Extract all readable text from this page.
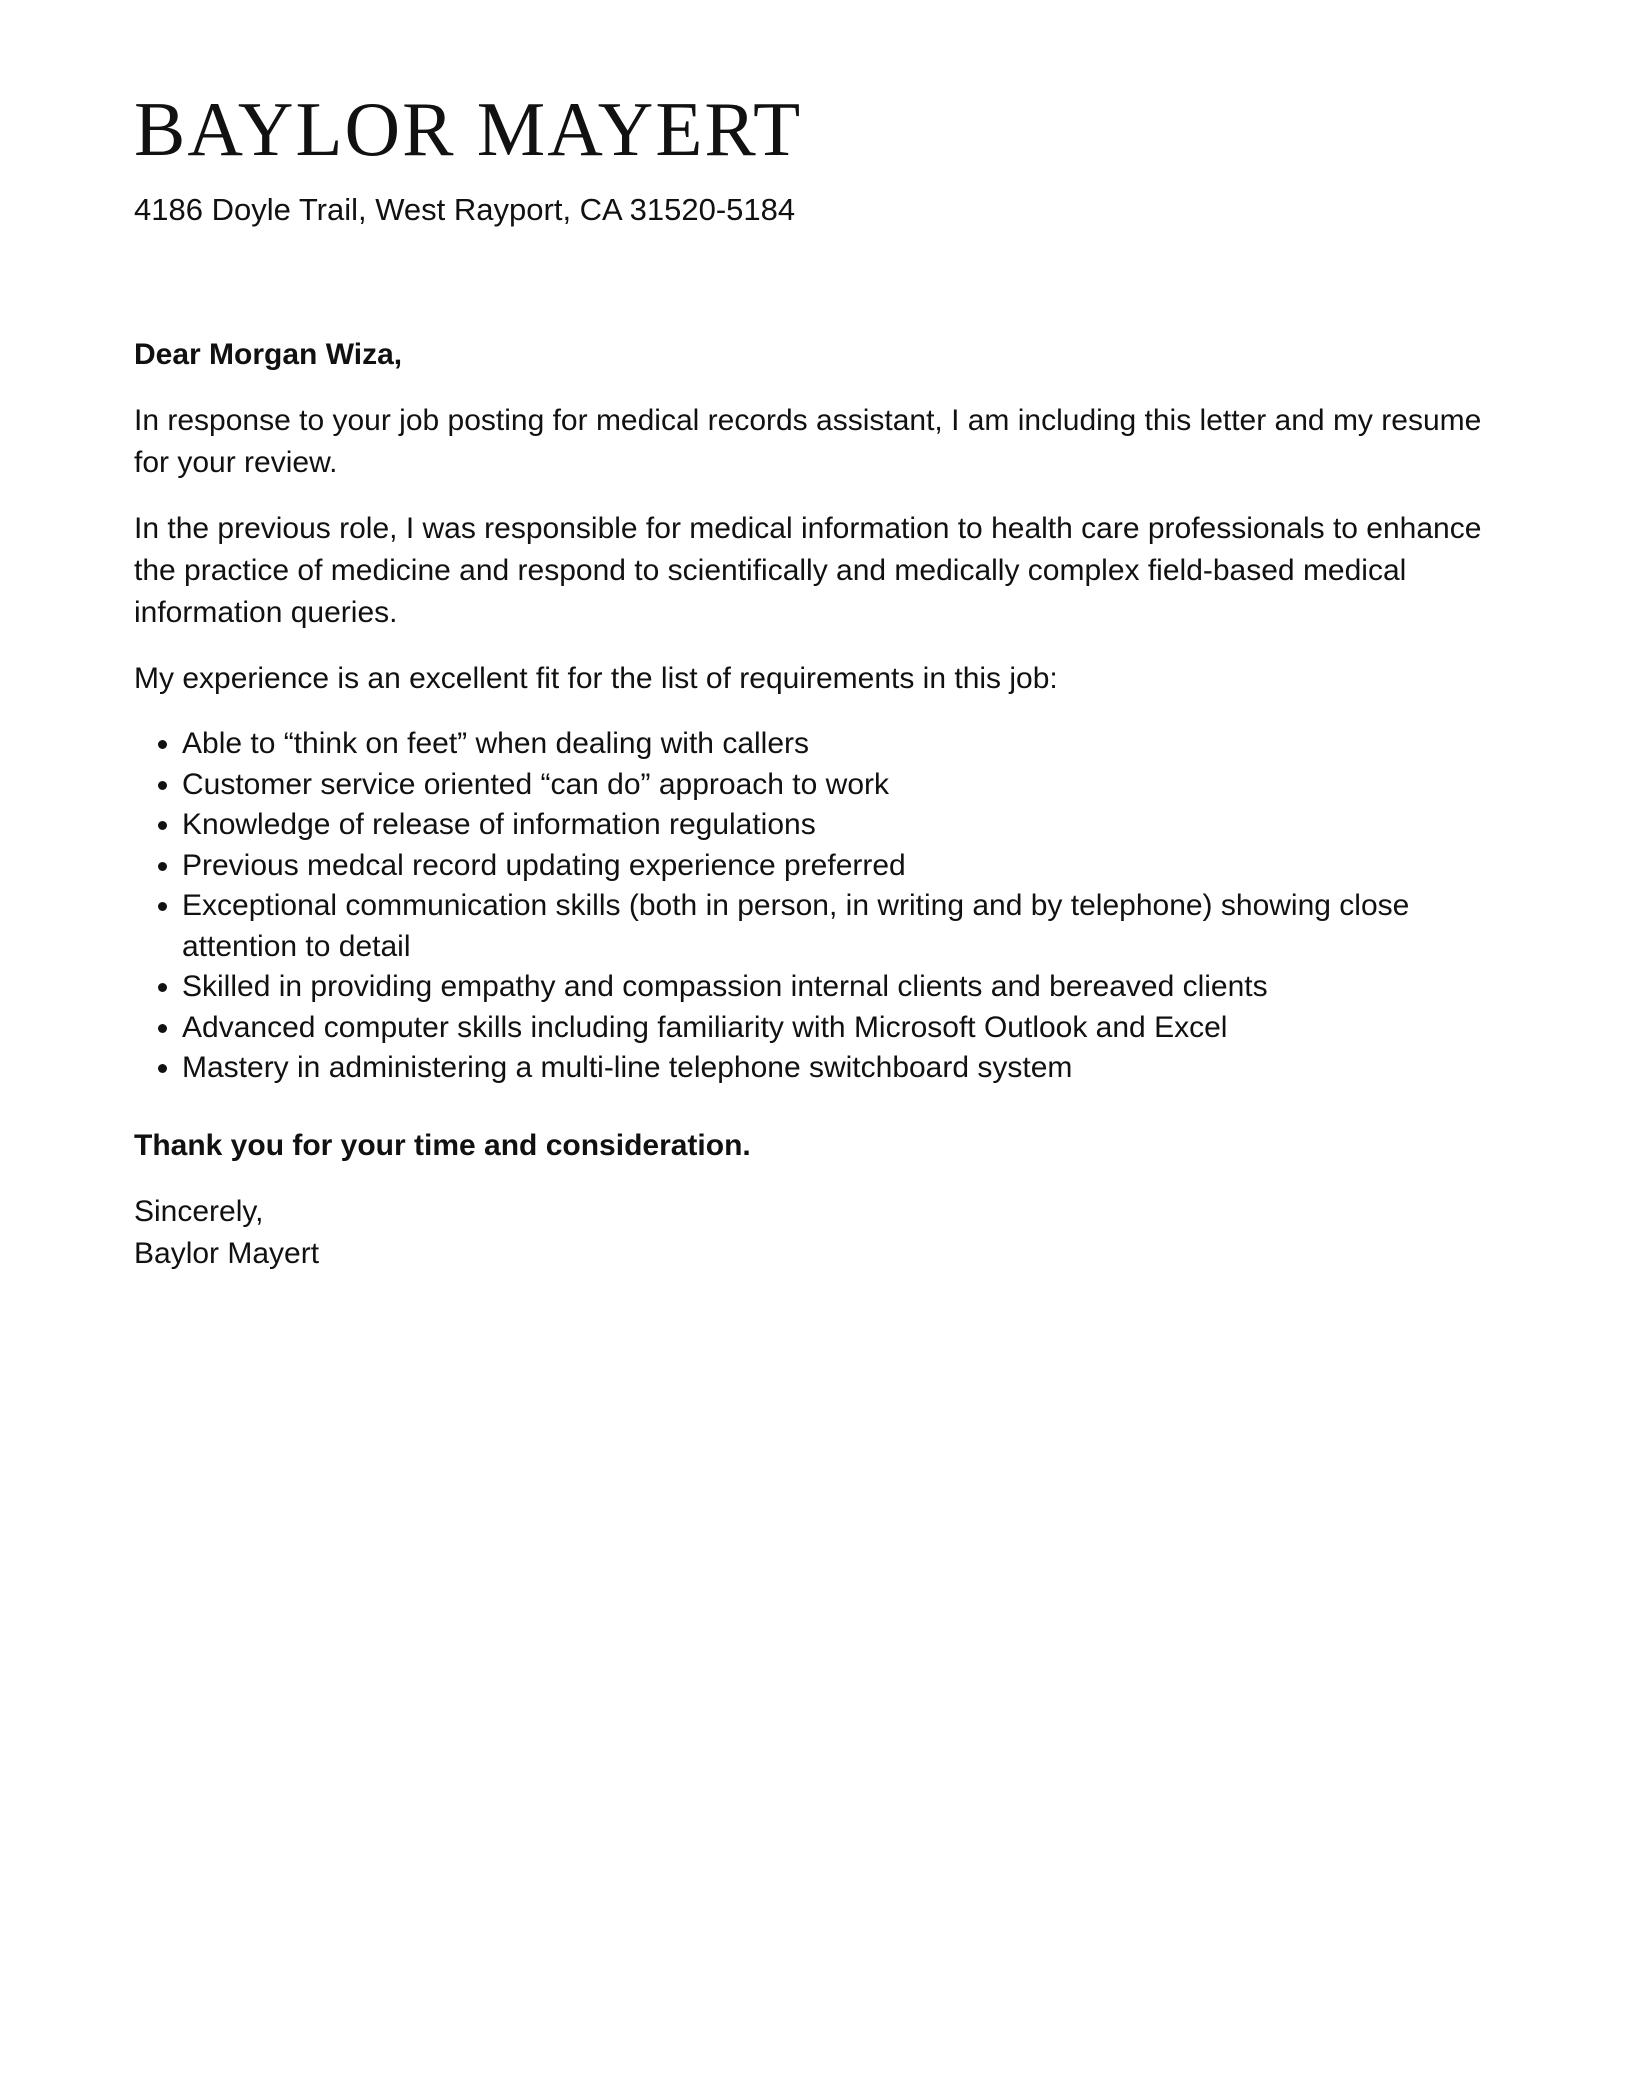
BAYLOR MAYERT
4186 Doyle Trail, West Rayport, CA 31520-5184

Dear Morgan Wiza,

In response to your job posting for medical records assistant, I am including this letter and my resume for your review.

In the previous role, I was responsible for medical information to health care professionals to enhance the practice of medicine and respond to scientifically and medically complex field-based medical information queries.

My experience is an excellent fit for the list of requirements in this job:

• Able to “think on feet” when dealing with callers
• Customer service oriented “can do” approach to work
• Knowledge of release of information regulations
• Previous medcal record updating experience preferred
• Exceptional communication skills (both in person, in writing and by telephone) showing close attention to detail
• Skilled in providing empathy and compassion internal clients and bereaved clients
• Advanced computer skills including familiarity with Microsoft Outlook and Excel
• Mastery in administering a multi-line telephone switchboard system

Thank you for your time and consideration.

Sincerely,

Baylor Mayert
